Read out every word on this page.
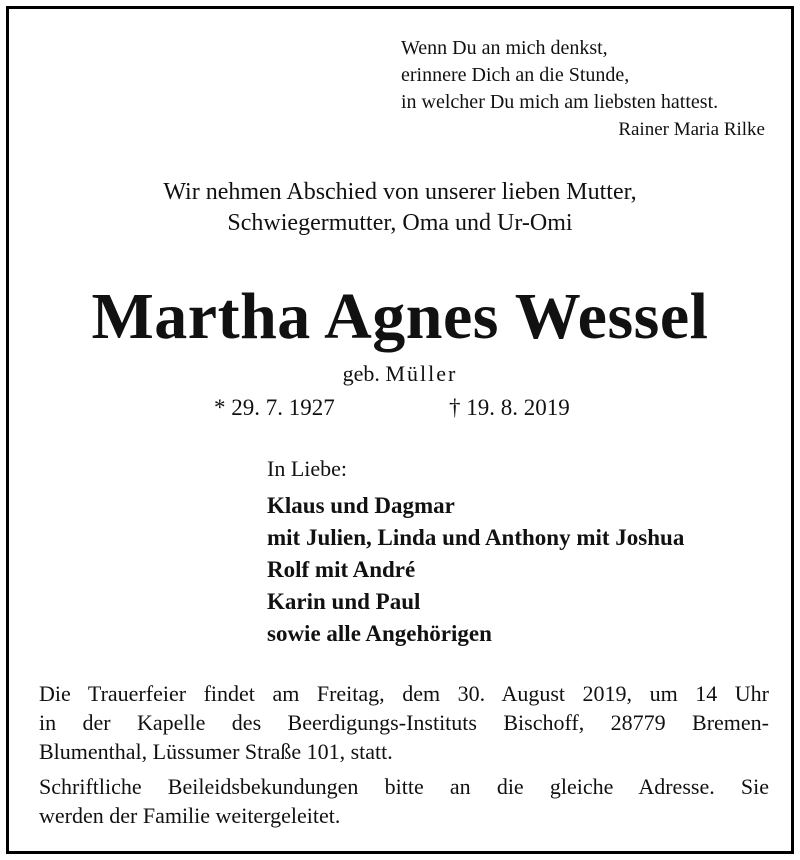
Wenn Du an mich denkst,
erinnere Dich an die Stunde,
in welcher Du mich am liebsten hattest.
Rainer Maria Rilke
Wir nehmen Abschied von unserer lieben Mutter,
Schwiegermutter, Oma und Ur-Omi
Martha Agnes Wessel
geb. Müller
* 29. 7. 1927	† 19. 8. 2019
In Liebe:
Klaus und Dagmar
mit Julien, Linda und Anthony mit Joshua
Rolf mit André
Karin und Paul
sowie alle Angehörigen
Die Trauerfeier findet am Freitag, dem 30. August 2019, um 14 Uhr
in der Kapelle des Beerdigungs-Instituts Bischoff, 28779 Bremen-
Blumenthal, Lüssumer Straße 101, statt.
Schriftliche Beileidsbekundungen bitte an die gleiche Adresse. Sie
werden der Familie weitergeleitet.
